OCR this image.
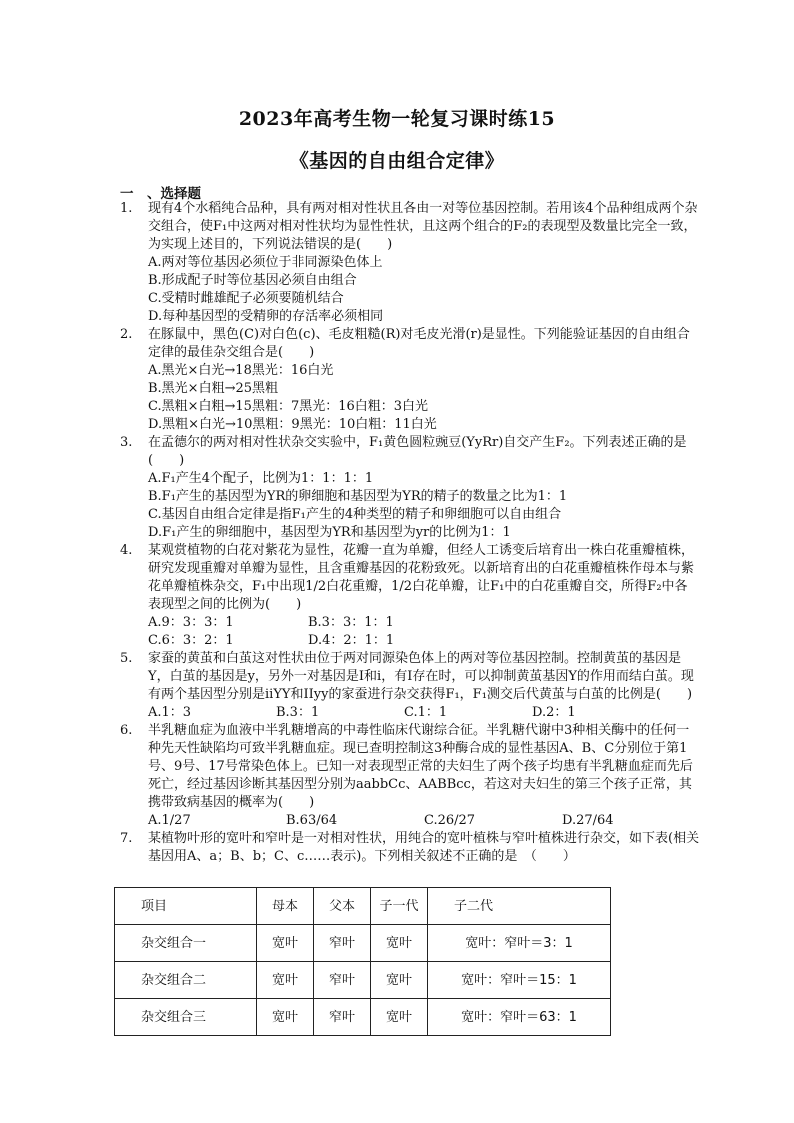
2023年高考生物一轮复习课时练15
《基因的自由组合定律》
一　、选择题

1. 现有4个水稻纯合品种，具有两对相对性状且各由一对等位基因控制。若用该4个品种组成两个杂交组合，使F₁中这两对相对性状均为显性性状，且这两个组合的F₂的表现型及数量比完全一致，为实现上述目的，下列说法错误的是(　　)

A.两对等位基因必须位于非同源染色体上

B.形成配子时等位基因必须自由组合

C.受精时雌雄配子必须要随机结合

D.每种基因型的受精卵的存活率必须相同

2. 在豚鼠中，黑色(C)对白色(c)、毛皮粗糙(R)对毛皮光滑(r)是显性。下列能验证基因的自由组合定律的最佳杂交组合是(　　)

A.黑光×白光→18黑光：16白光

B.黑光×白粗→25黑粗

C.黑粗×白粗→15黑粗：7黑光：16白粗：3白光

D.黑粗×白光→10黑粗：9黑光：10白粗：11白光

3. 在孟德尔的两对相对性状杂交实验中，F₁黄色圆粒豌豆(YyRr)自交产生F₂。下列表述正确的是(　　)

A.F₁产生4个配子，比例为1：1：1：1

B.F₁产生的基因型为YR的卵细胞和基因型为YR的精子的数量之比为1：1

C.基因自由组合定律是指F₁产生的4种类型的精子和卵细胞可以自由组合

D.F₁产生的卵细胞中，基因型为YR和基因型为yr的比例为1：1

4. 某观赏植物的白花对紫花为显性，花瓣一直为单瓣，但经人工诱变后培育出一株白花重瓣植株，研究发现重瓣对单瓣为显性，且含重瓣基因的花粉致死。以新培育出的白花重瓣植株作母本与紫花单瓣植株杂交，F₁中出现1/2白花重瓣，1/2白花单瓣，让F₁中的白花重瓣自交，所得F₂中各表现型之间的比例为(　　)

A.9：3：3：1	B.3：3：1：1

C.6：3：2：1	D.4：2：1：1

5. 家蚕的黄茧和白茧这对性状由位于两对同源染色体上的两对等位基因控制。控制黄茧的基因是Y，白茧的基因是y，另外一对基因是I和i，有I存在时，可以抑制黄茧基因Y的作用而结白茧。现有两个基因型分别是iiYY和IIyy的家蚕进行杂交获得F₁，F₁测交后代黄茧与白茧的比例是(　　)

A.1：3	B.3：1	C.1：1	D.2：1

6. 半乳糖血症为血液中半乳糖增高的中毒性临床代谢综合征。半乳糖代谢中3种相关酶中的任何一种先天性缺陷均可致半乳糖血症。现已查明控制这3种酶合成的显性基因A、B、C分别位于第1号、9号、17号常染色体上。已知一对表现型正常的夫妇生了两个孩子均患有半乳糖血症而先后死亡，经过基因诊断其基因型分别为aabbCc、AABBcc，若这对夫妇生的第三个孩子正常，其携带致病基因的概率为(　　)

A.1/27	B.63/64	C.26/27	D.27/64

7. 某植物叶形的宽叶和窄叶是一对相对性状，用纯合的宽叶植株与窄叶植株进行杂交，如下表(相关基因用A、a；B、b；C、c……表示)。下列相关叙述不正确的是　（　　）

项目	母本	父本	子一代	子二代
杂交组合一	宽叶	窄叶	宽叶	宽叶：窄叶＝3：1
杂交组合二	宽叶	窄叶	宽叶	宽叶：窄叶＝15：1
杂交组合三	宽叶	窄叶	宽叶	宽叶：窄叶＝63：1
